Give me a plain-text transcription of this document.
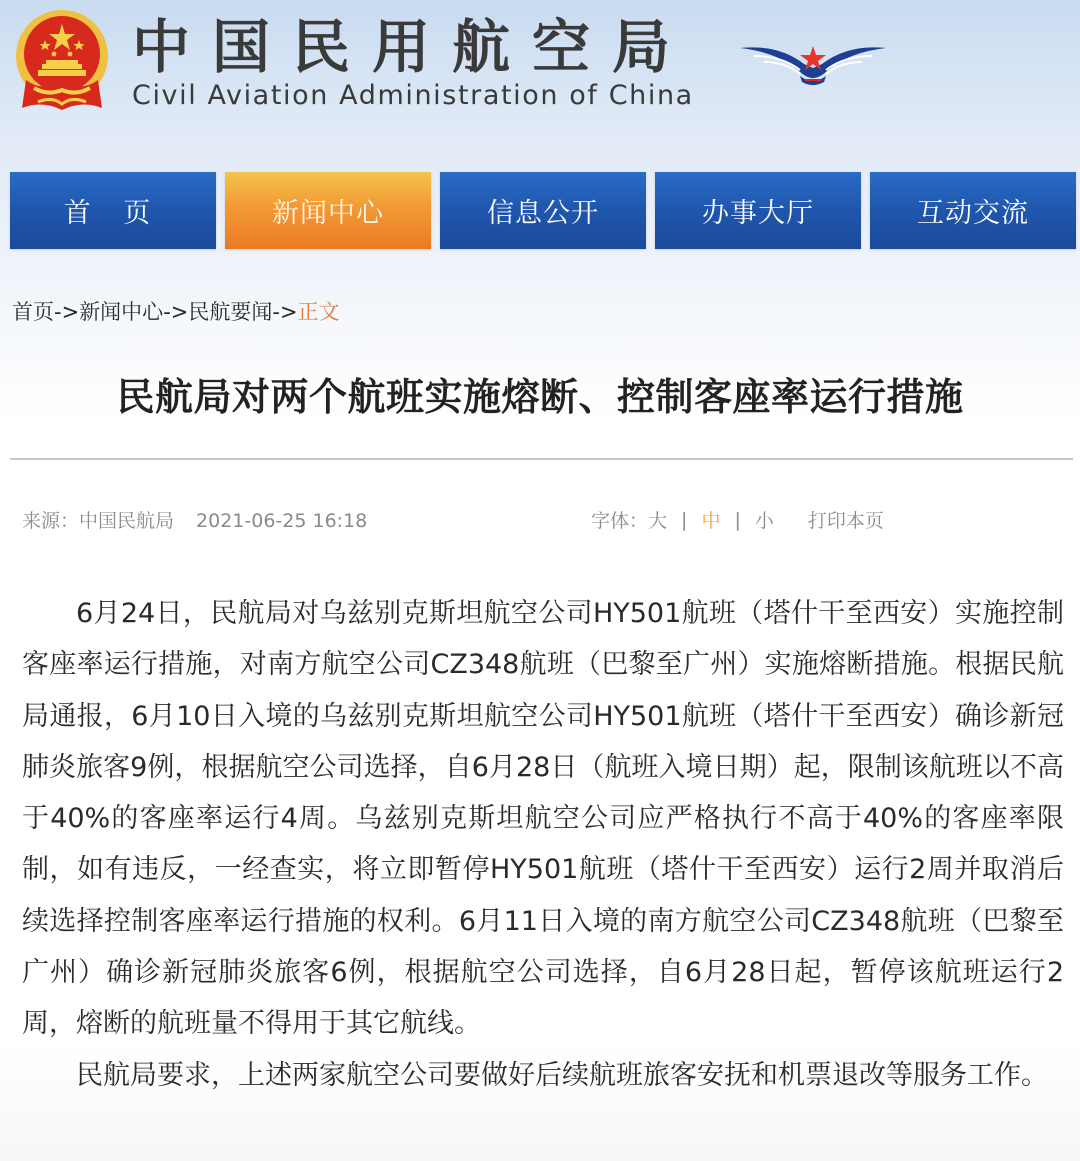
中国民用航空局
Civil Aviation Administration of China
首 页	新闻中心	信息公开	办事大厅	互动交流
首页->新闻中心->民航要闻->正文
民航局对两个航班实施熔断、控制客座率运行措施
来源：中国民航局 2021-06-25 16:18	字体： 大 | 中 | 小 打印本页

6月24日，民航局对乌兹别克斯坦航空公司HY501航班（塔什干至西安）实施控制客座率运行措施，对南方航空公司CZ348航班（巴黎至广州）实施熔断措施。根据民航局通报，6月10日入境的乌兹别克斯坦航空公司HY501航班（塔什干至西安）确诊新冠肺炎旅客9例，根据航空公司选择，自6月28日（航班入境日期）起，限制该航班以不高于40%的客座率运行4周。乌兹别克斯坦航空公司应严格执行不高于40%的客座率限制，如有违反，一经查实，将立即暂停HY501航班（塔什干至西安）运行2周并取消后续选择控制客座率运行措施的权利。6月11日入境的南方航空公司CZ348航班（巴黎至广州）确诊新冠肺炎旅客6例，根据航空公司选择，自6月28日起，暂停该航班运行2周，熔断的航班量不得用于其它航线。

民航局要求，上述两家航空公司要做好后续航班旅客安抚和机票退改等服务工作。
